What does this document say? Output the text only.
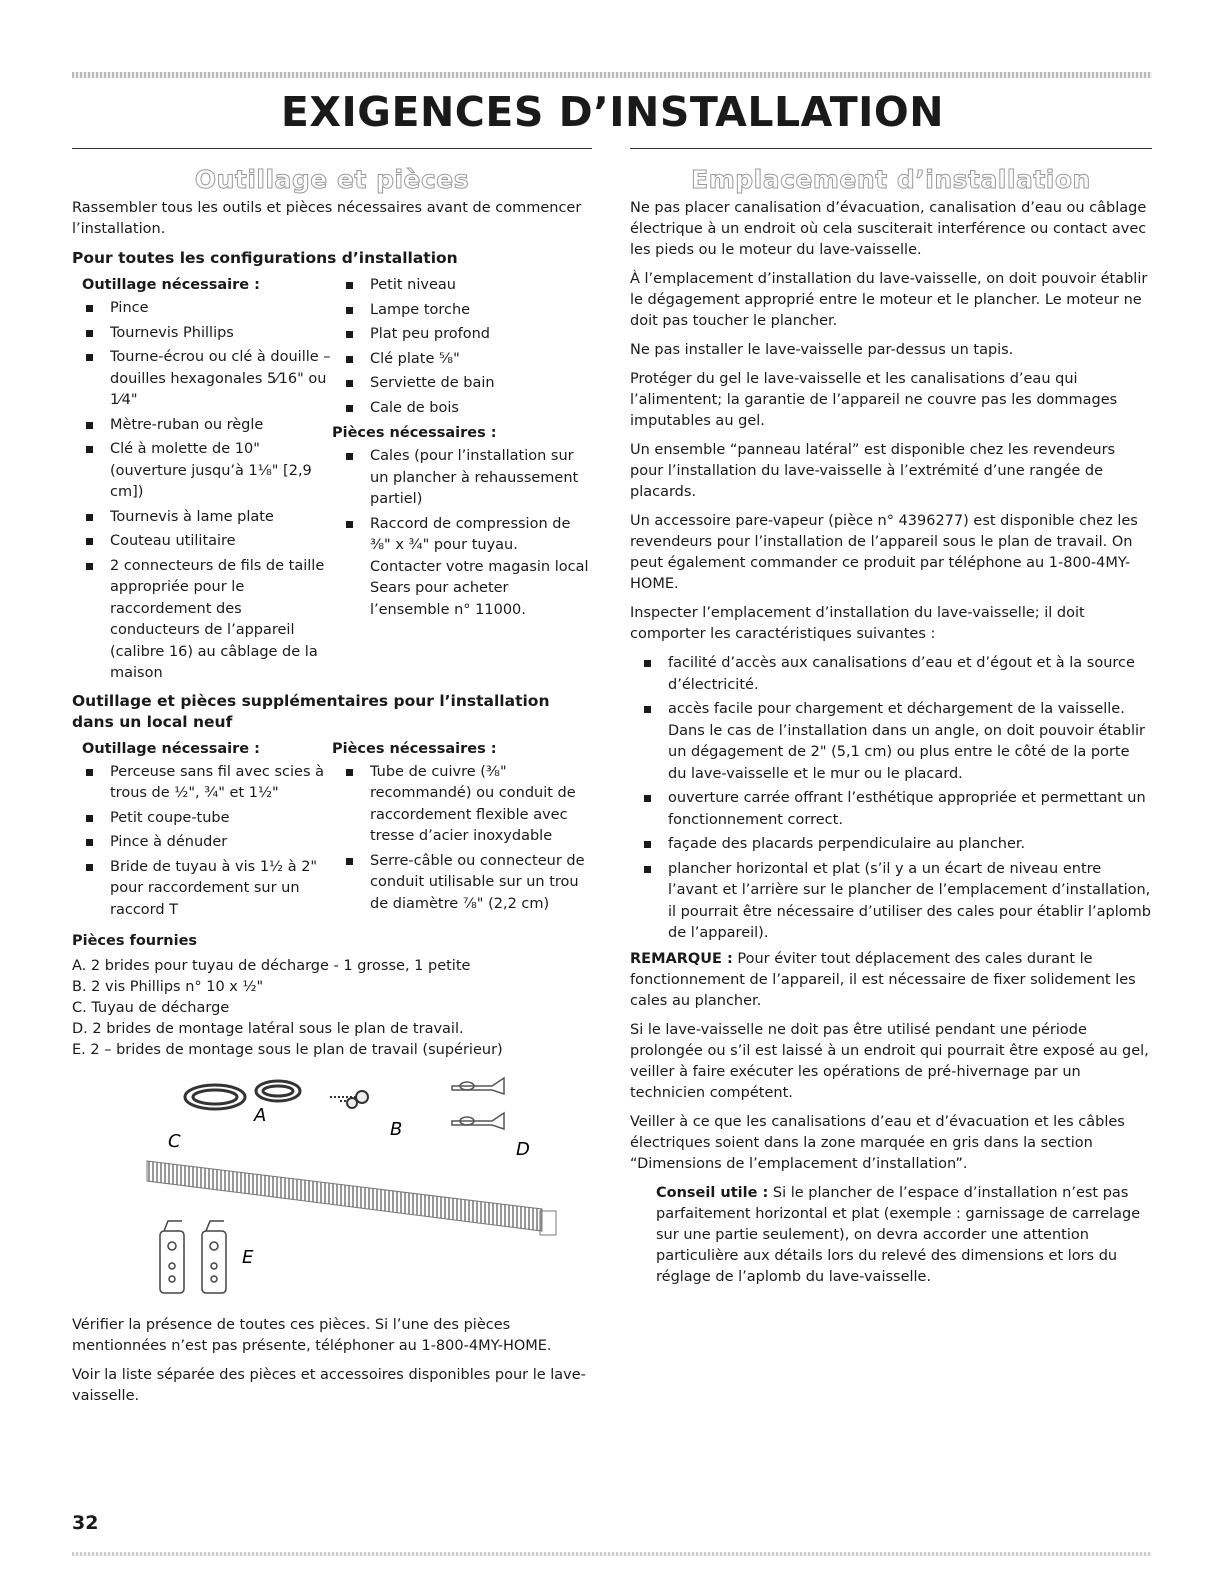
EXIGENCES D’INSTALLATION
Outillage et pièces

Rassembler tous les outils et pièces nécessaires avant de commencer l’installation.

Pour toutes les configurations d’installation
Outillage nécessaire :
Pince
Tournevis Phillips
Tourne-écrou ou clé à douille – douilles hexagonales 5⁄16" ou 1⁄4"
Mètre-ruban ou règle
Clé à molette de 10" (ouverture jusqu’à 1⅛" [2,9 cm])
Tournevis à lame plate
Couteau utilitaire
2 connecteurs de fils de taille appropriée pour le raccordement des conducteurs de l’appareil (calibre 16) au câblage de la maison
Petit niveau
Lampe torche
Plat peu profond
Clé plate ⅝"
Serviette de bain
Cale de bois
Pièces nécessaires :
Cales (pour l’installation sur un plancher à rehaussement partiel)
Raccord de compression de ⅜" x ¾" pour tuyau. Contacter votre magasin local Sears pour acheter l’ensemble n° 11000.
Outillage et pièces supplémentaires pour l’installation dans un local neuf
Outillage nécessaire :
Perceuse sans fil avec scies à trous de ½", ¾" et 1½"
Petit coupe-tube
Pince à dénuder
Bride de tuyau à vis 1½ à 2" pour raccordement sur un raccord T
Pièces nécessaires :
Tube de cuivre (⅜" recommandé) ou conduit de raccordement flexible avec tresse d’acier inoxydable
Serre-câble ou connecteur de conduit utilisable sur un trou de diamètre ⅞" (2,2 cm)
Pièces fournies

A. 2 brides pour tuyau de décharge - 1 grosse, 1 petite

B. 2 vis Phillips n° 10 x ½"

C. Tuyau de décharge

D. 2 brides de montage latéral sous le plan de travail.

E. 2 – brides de montage sous le plan de travail (supérieur)

A
B
D
C
E

Vérifier la présence de toutes ces pièces. Si l’une des pièces mentionnées n’est pas présente, téléphoner au 1-800-4MY-HOME.

Voir la liste séparée des pièces et accessoires disponibles pour le lave-vaisselle.

Emplacement d’installation

Ne pas placer canalisation d’évacuation, canalisation d’eau ou câblage électrique à un endroit où cela susciterait interférence ou contact avec les pieds ou le moteur du lave-vaisselle.

À l’emplacement d’installation du lave-vaisselle, on doit pouvoir établir le dégagement approprié entre le moteur et le plancher. Le moteur ne doit pas toucher le plancher.

Ne pas installer le lave-vaisselle par-dessus un tapis.

Protéger du gel le lave-vaisselle et les canalisations d’eau qui l’alimentent; la garantie de l’appareil ne couvre pas les dommages imputables au gel.

Un ensemble “panneau latéral” est disponible chez les revendeurs pour l’installation du lave-vaisselle à l’extrémité d’une rangée de placards.

Un accessoire pare-vapeur (pièce n° 4396277) est disponible chez les revendeurs pour l’installation de l’appareil sous le plan de travail. On peut également commander ce produit par téléphone au 1-800-4MY-HOME.

Inspecter l’emplacement d’installation du lave-vaisselle; il doit comporter les caractéristiques suivantes :

facilité d’accès aux canalisations d’eau et d’égout et à la source d’électricité.
accès facile pour chargement et déchargement de la vaisselle. Dans le cas de l’installation dans un angle, on doit pouvoir établir un dégagement de 2" (5,1 cm) ou plus entre le côté de la porte du lave-vaisselle et le mur ou le placard.
ouverture carrée offrant l’esthétique appropriée et permettant un fonctionnement correct.
façade des placards perpendiculaire au plancher.
plancher horizontal et plat (s’il y a un écart de niveau entre l’avant et l’arrière sur le plancher de l’emplacement d’installation, il pourrait être nécessaire d’utiliser des cales pour établir l’aplomb de l’appareil).

REMARQUE : Pour éviter tout déplacement des cales durant le fonctionnement de l’appareil, il est nécessaire de fixer solidement les cales au plancher.

Si le lave-vaisselle ne doit pas être utilisé pendant une période prolongée ou s’il est laissé à un endroit qui pourrait être exposé au gel, veiller à faire exécuter les opérations de pré-hivernage par un technicien compétent.

Veiller à ce que les canalisations d’eau et d’évacuation et les câbles électriques soient dans la zone marquée en gris dans la section “Dimensions de l’emplacement d’installation”.

Conseil utile : Si le plancher de l’espace d’installation n’est pas parfaitement horizontal et plat (exemple : garnissage de carrelage sur une partie seulement), on devra accorder une attention particulière aux détails lors du relevé des dimensions et lors du réglage de l’aplomb du lave-vaisselle.

32
